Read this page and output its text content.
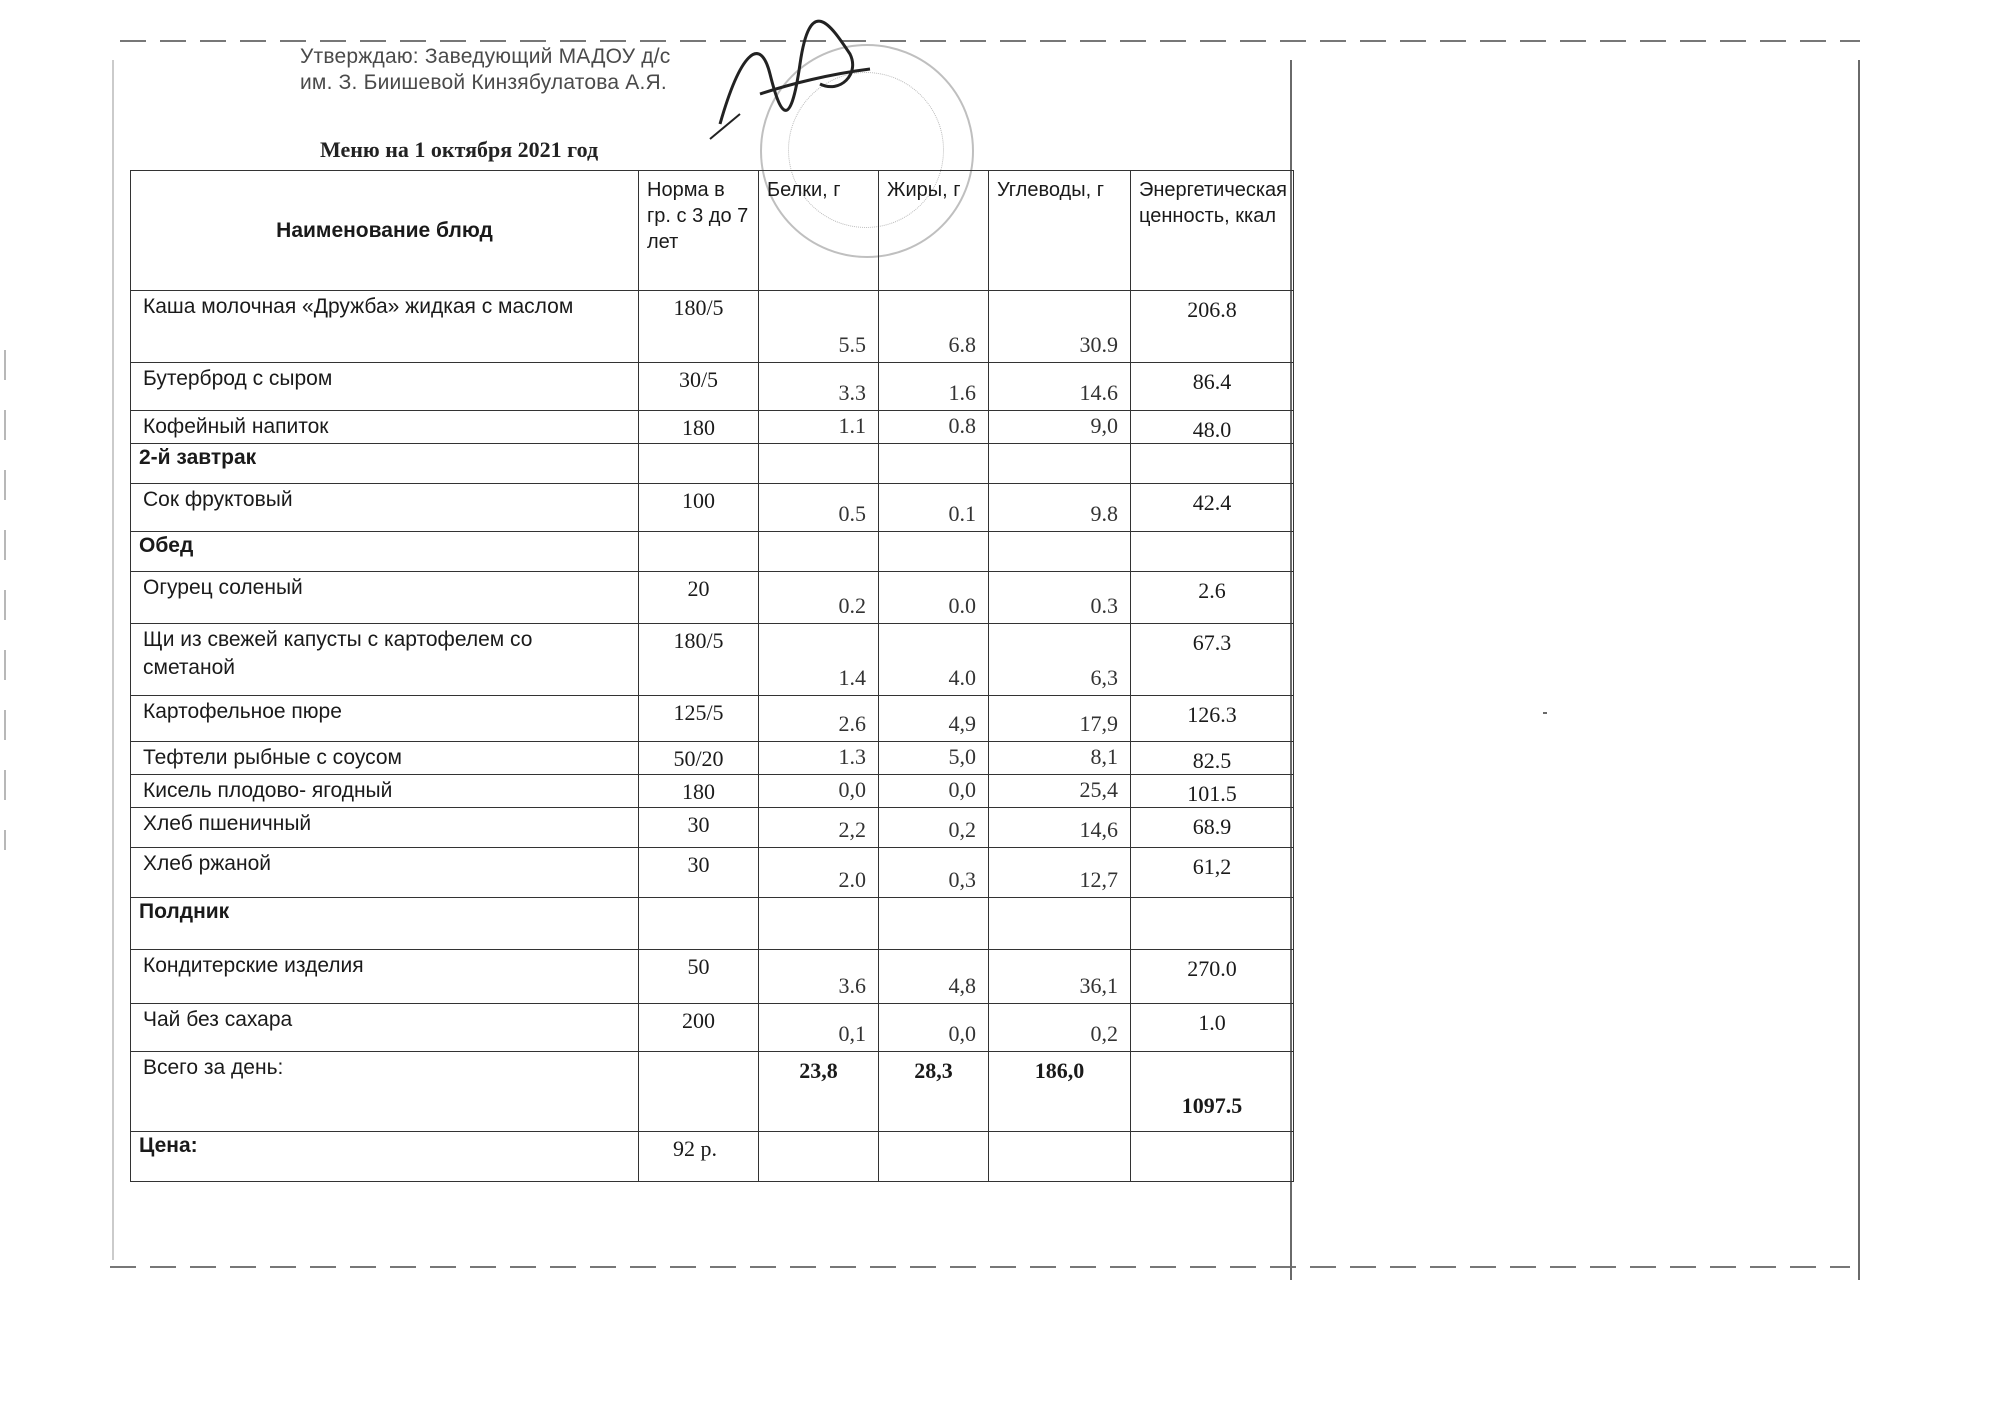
Утверждаю: Заведующий МАДОУ д/с
им. З. Биишевой Кинзябулатова А.Я.
Меню на 1 октября 2021 год
Наименование блюд	Норма в гр. с 3 до 7 лет	Белки, г	Жиры, г	Углеводы, г	Энергетическая ценность, ккал
Каша молочная «Дружба» жидкая с маслом	180/5	5.5	6.8	30.9	206.8
Бутерброд с сыром	30/5	3.3	1.6	14.6	86.4
Кофейный напиток	180	1.1	0.8	9,0	48.0
2-й завтрак					
Сок фруктовый	100	0.5	0.1	9.8	42.4
Обед					
Огурец соленый	20	0.2	0.0	0.3	2.6
Щи из свежей капусты с картофелем со сметаной	180/5	1.4	4.0	6,3	67.3
Картофельное пюре	125/5	2.6	4,9	17,9	126.3
Тефтели рыбные с соусом	50/20	1.3	5,0	8,1	82.5
Кисель плодово- ягодный	180	0,0	0,0	25,4	101.5
Хлеб пшеничный	30	2,2	0,2	14,6	68.9
Хлеб ржаной	30	2.0	0,3	12,7	61,2
Полдник					
Кондитерские изделия	50	3.6	4,8	36,1	270.0
Чай без сахара	200	0,1	0,0	0,2	1.0
Всего за день:		23,8	28,3	186,0	1097.5
Цена:	92 р.				
